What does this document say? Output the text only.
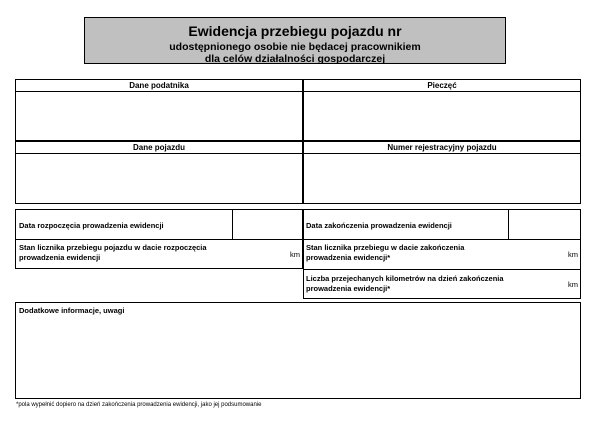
Ewidencja przebiegu pojazdu nr
udostępnionego osobie nie będacej pracownikiem
dla celów działalności gospodarczej
Dane podatnika	Pieczęć
Dane pojazdu	Numer rejestracyjny pojazdu
Data rozpoczęcia prowadzenia ewidencji
Stan licznika przebiegu pojazdu w dacie rozpoczęcia prowadzenia ewidencji	km
Data zakończenia prowadzenia ewidencji
Stan licznika przebiegu w dacie zakończenia prowadzenia ewidencji*	km
Liczba przejechanych kilometrów na dzień zakończenia prowadzenia ewidencji*	km
Dodatkowe informacje, uwagi
*pola wypełnić dopiero na dzień zakończenia prowadzenia ewidencji, jako jej podsumowanie
